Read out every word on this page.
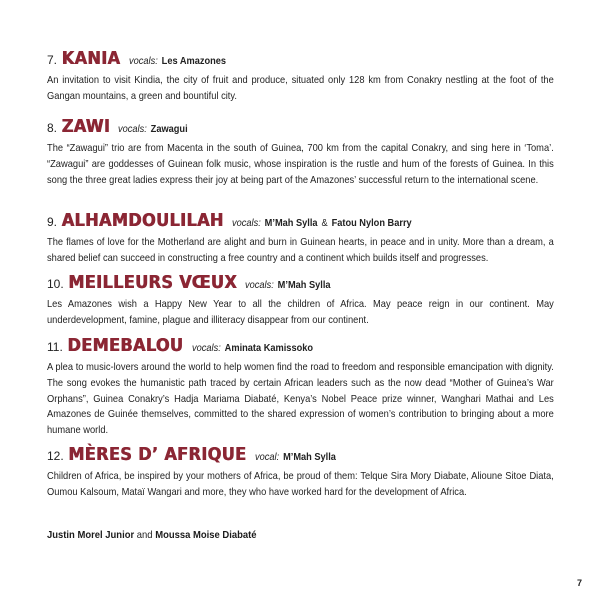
7. KANIA vocals: Les Amazones
An invitation to visit Kindia, the city of fruit and produce, situated only 128 km from Conakry nestling at the foot of the Gangan mountains, a green and bountiful city.
8. ZAWI vocals: Zawagui
The “Zawagui” trio are from Macenta in the south of Guinea, 700 km from the capital Conakry, and sing here in ‘Toma’. “Zawagui” are goddesses of Guinean folk music, whose inspiration is the rustle and hum of the forests of Guinea. In this song the three great ladies express their joy at being part of the Amazones’ successful return to the international scene.
9. ALHAMDOULILAH vocals: M’Mah Sylla & Fatou Nylon Barry
The flames of love for the Motherland are alight and burn in Guinean hearts, in peace and in unity. More than a dream, a shared belief can succeed in constructing a free country and a continent which builds itself and progresses.
10. MEILLEURS VŒUX vocals: M’Mah Sylla
Les Amazones wish a Happy New Year to all the children of Africa. May peace reign in our continent. May underdevelopment, famine, plague and illiteracy disappear from our continent.
11. DEMEBALOU vocals: Aminata Kamissoko
A plea to music-lovers around the world to help women find the road to freedom and responsible emancipation with dignity. The song evokes the humanistic path traced by certain African leaders such as the now dead “Mother of Guinea’s War Orphans”, Guinea Conakry’s Hadja Mariama Diabaté, Kenya’s Nobel Peace prize winner, Wanghari Mathai and Les Amazones de Guinée themselves, committed to the shared expression of women’s contribution to bringing about a more humane world.
12. MÈRES D’ AFRIQUE vocal: M’Mah Sylla
Children of Africa, be inspired by your mothers of Africa, be proud of them: Telque Sira Mory Diabate, Alioune Sitoe Diata, Oumou Kalsoum, Mataï Wangari and more, they who have worked hard for the development of Africa.
Justin Morel Junior and Moussa Moise Diabaté
7
